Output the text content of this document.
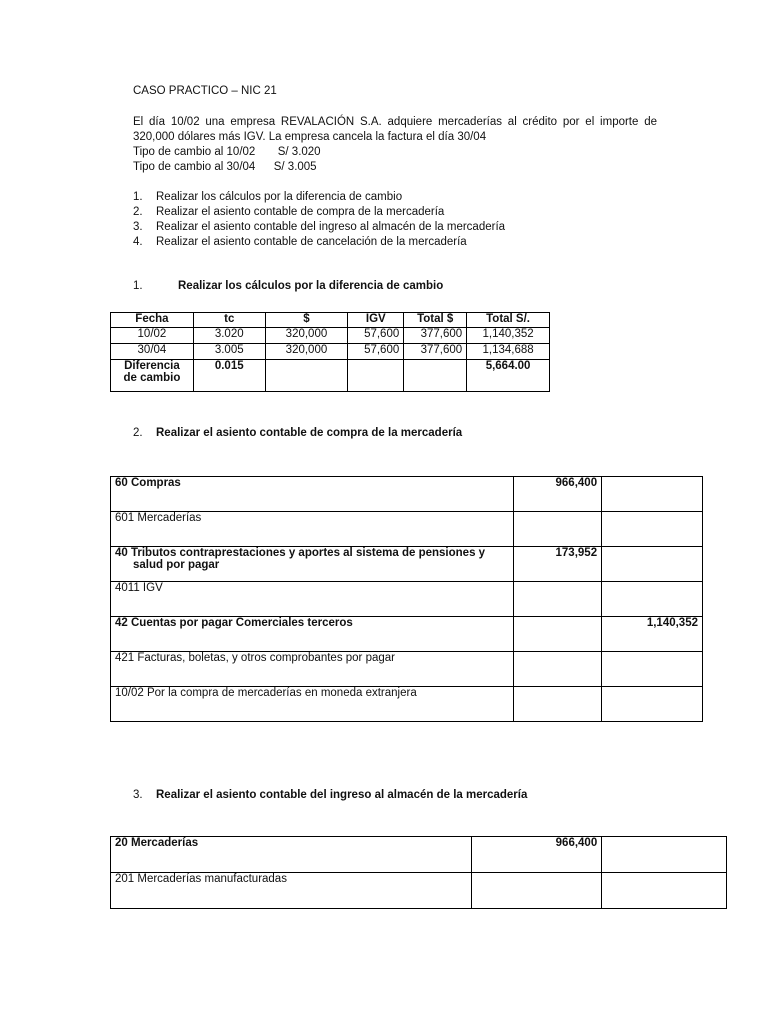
CASO PRACTICO – NIC 21
El día 10/02 una empresa REVALACIÓN S.A. adquiere mercaderías al crédito por el importe de
320,000 dólares más IGV. La empresa cancela la factura el día 30/04
Tipo de cambio al 10/02 S/ 3.020
Tipo de cambio al 30/04 S/ 3.005
1. Realizar los cálculos por la diferencia de cambio
2. Realizar el asiento contable de compra de la mercadería
3. Realizar el asiento contable del ingreso al almacén de la mercadería
4. Realizar el asiento contable de cancelación de la mercadería
1.	Realizar los cálculos por la diferencia de cambio
Fecha	tc	$	IGV	Total $	Total S/.
10/02	3.020	320,000	57,600	377,600	1,140,352
30/04	3.005	320,000	57,600	377,600	1,134,688

Diferencia
de cambio	0.015				5,664.00
2. Realizar el asiento contable de compra de la mercadería
60 Compras	966,400	
601 Mercaderías		

40 Tributos contraprestaciones y aportes al sistema de pensiones y
salud por pagar	173,952	
4011 IGV		
42 Cuentas por pagar Comerciales terceros		1,140,352
421 Facturas, boletas, y otros comprobantes por pagar		
10/02 Por la compra de mercaderías en moneda extranjera		
3. Realizar el asiento contable del ingreso al almacén de la mercadería
20 Mercaderías	966,400	
201 Mercaderías manufacturadas		
